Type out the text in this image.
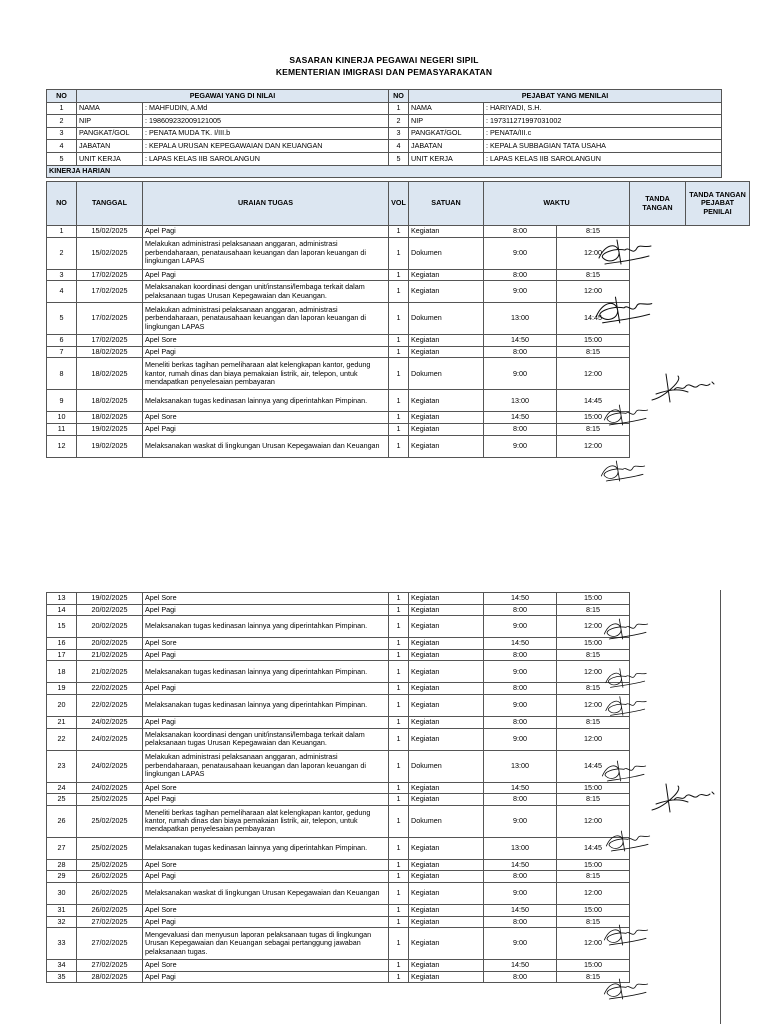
SASARAN KINERJA PEGAWAI NEGERI SIPIL
KEMENTERIAN IMIGRASI DAN PEMASYARAKATAN
NO	PEGAWAI YANG DI NILAI		NO	PEJABAT YANG MENILAI	
1	NAMA	: MAHFUDIN, A.Md	1	NAMA	: HARIYADI, S.H.
2	NIP	: 198609232009121005	2	NIP	: 197311271997031002
3	PANGKAT/GOL	: PENATA MUDA TK. I/III.b	3	PANGKAT/GOL	: PENATA/III.c
4	JABATAN	: KEPALA URUSAN KEPEGAWAIAN DAN KEUANGAN	4	JABATAN	: KEPALA SUBBAGIAN TATA USAHA
5	UNIT KERJA	: LAPAS KELAS IIB SAROLANGUN	5	UNIT KERJA	: LAPAS KELAS IIB SAROLANGUN
KINERJA HARIAN					
NO	TANGGAL	URAIAN TUGAS	VOL	SATUAN	WAKTU		TANDA TANGAN	TANDA TANGAN PEJABAT PENILAI
1	15/02/2025	Apel Pagi	1	Kegiatan	8:00	8:15		
2	15/02/2025	Melakukan administrasi pelaksanaan anggaran, administrasi perbendaharaan, penatausahaan keuangan dan laporan keuangan di lingkungan LAPAS	1	Dokumen	9:00	12:00		
3	17/02/2025	Apel Pagi	1	Kegiatan	8:00	8:15		
4	17/02/2025	Melaksanakan koordinasi dengan unit/instansi/lembaga terkait dalam pelaksanaan tugas Urusan Kepegawaian dan Keuangan.	1	Kegiatan	9:00	12:00		
5	17/02/2025	Melakukan administrasi pelaksanaan anggaran, administrasi perbendaharaan, penatausahaan keuangan dan laporan keuangan di lingkungan LAPAS	1	Dokumen	13:00	14:45		
6	17/02/2025	Apel Sore	1	Kegiatan	14:50	15:00		
7	18/02/2025	Apel Pagi	1	Kegiatan	8:00	8:15		
8	18/02/2025	Meneliti berkas tagihan pemeliharaan alat kelengkapan kantor, gedung kantor, rumah dinas dan biaya pemakaian listrik, air, telepon, untuk mendapatkan penyelesaian pembayaran	1	Dokumen	9:00	12:00		
9	18/02/2025	Melaksanakan tugas kedinasan lainnya yang diperintahkan Pimpinan.	1	Kegiatan	13:00	14:45		
10	18/02/2025	Apel Sore	1	Kegiatan	14:50	15:00		
11	19/02/2025	Apel Pagi	1	Kegiatan	8:00	8:15		
12	19/02/2025	Melaksanakan waskat di lingkungan Urusan Kepegawaian dan Keuangan	1	Kegiatan	9:00	12:00		
13	19/02/2025	Apel Sore	1	Kegiatan	14:50	15:00		
14	20/02/2025	Apel Pagi	1	Kegiatan	8:00	8:15		
15	20/02/2025	Melaksanakan tugas kedinasan lainnya yang diperintahkan Pimpinan.	1	Kegiatan	9:00	12:00		
16	20/02/2025	Apel Sore	1	Kegiatan	14:50	15:00		
17	21/02/2025	Apel Pagi	1	Kegiatan	8:00	8:15		
18	21/02/2025	Melaksanakan tugas kedinasan lainnya yang diperintahkan Pimpinan.	1	Kegiatan	9:00	12:00		
19	22/02/2025	Apel Pagi	1	Kegiatan	8:00	8:15		
20	22/02/2025	Melaksanakan tugas kedinasan lainnya yang diperintahkan Pimpinan.	1	Kegiatan	9:00	12:00		
21	24/02/2025	Apel Pagi	1	Kegiatan	8:00	8:15		
22	24/02/2025	Melaksanakan koordinasi dengan unit/instansi/lembaga terkait dalam pelaksanaan tugas Urusan Kepegawaian dan Keuangan.	1	Kegiatan	9:00	12:00		
23	24/02/2025	Melakukan administrasi pelaksanaan anggaran, administrasi perbendaharaan, penatausahaan keuangan dan laporan keuangan di lingkungan LAPAS	1	Dokumen	13:00	14:45		
24	24/02/2025	Apel Sore	1	Kegiatan	14:50	15:00		
25	25/02/2025	Apel Pagi	1	Kegiatan	8:00	8:15		
26	25/02/2025	Meneliti berkas tagihan pemeliharaan alat kelengkapan kantor, gedung kantor, rumah dinas dan biaya pemakaian listrik, air, telepon, untuk mendapatkan penyelesaian pembayaran	1	Dokumen	9:00	12:00		
27	25/02/2025	Melaksanakan tugas kedinasan lainnya yang diperintahkan Pimpinan.	1	Kegiatan	13:00	14:45		
28	25/02/2025	Apel Sore	1	Kegiatan	14:50	15:00		
29	26/02/2025	Apel Pagi	1	Kegiatan	8:00	8:15		
30	26/02/2025	Melaksanakan waskat di lingkungan Urusan Kepegawaian dan Keuangan	1	Kegiatan	9:00	12:00		
31	26/02/2025	Apel Sore	1	Kegiatan	14:50	15:00		
32	27/02/2025	Apel Pagi	1	Kegiatan	8:00	8:15		
33	27/02/2025	Mengevaluasi dan menyusun laporan pelaksanaan tugas di lingkungan Urusan Kepegawaian dan Keuangan sebagai pertanggung jawaban pelaksanaan tugas.	1	Kegiatan	9:00	12:00		
34	27/02/2025	Apel Sore	1	Kegiatan	14:50	15:00		
35	28/02/2025	Apel Pagi	1	Kegiatan	8:00	8:15		
